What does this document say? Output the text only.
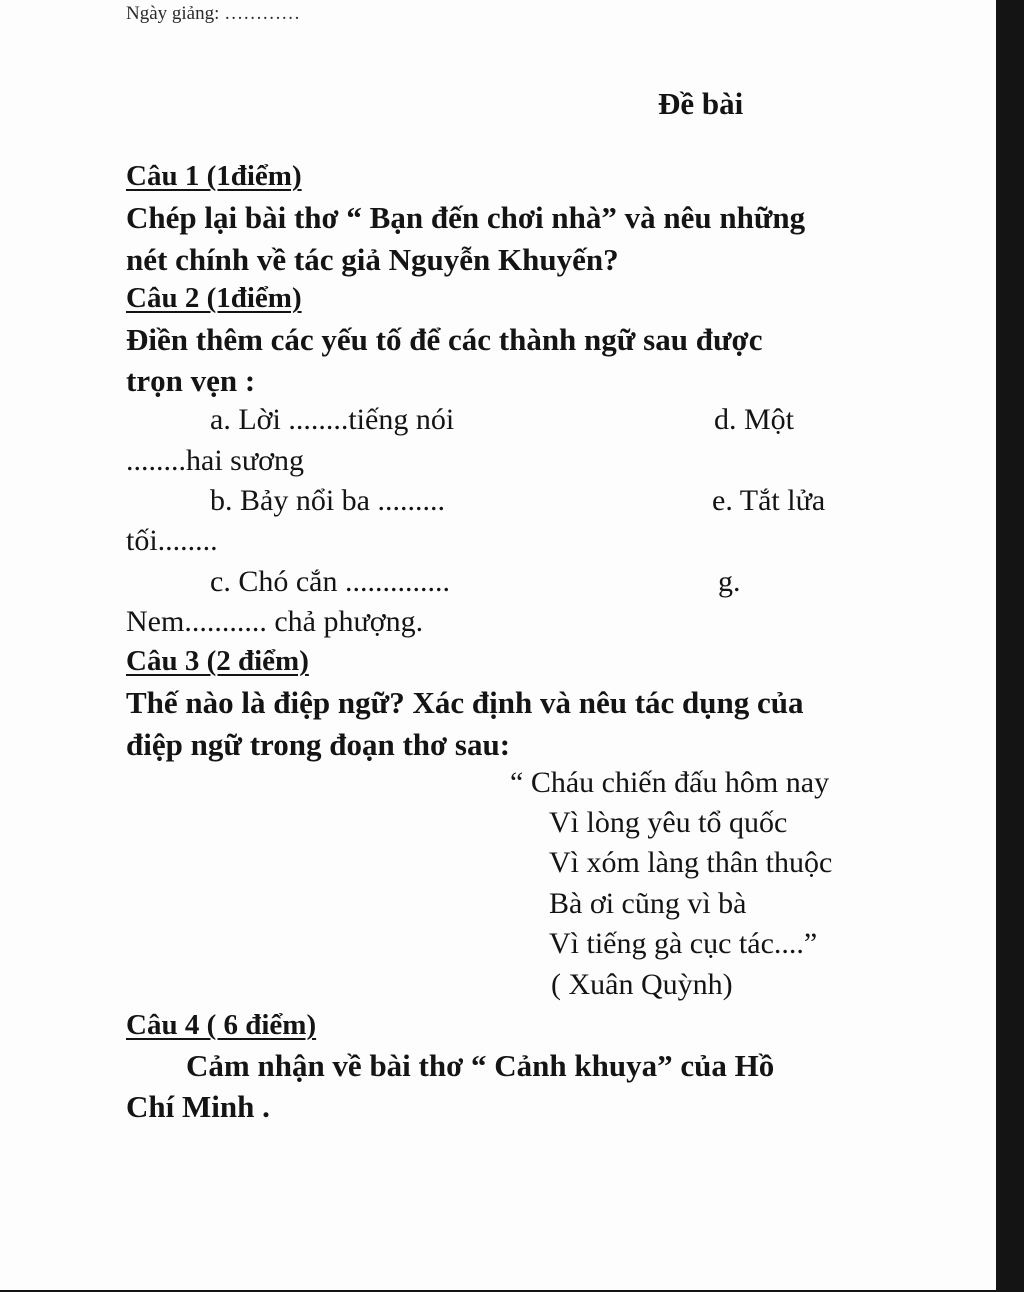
Ngày giảng: …………
Đề bài
Câu 1 (1điểm)
Chép lại bài thơ “ Bạn đến chơi nhà” và nêu những
nét chính về tác giả Nguyễn Khuyến?
Câu 2 (1điểm)
Điền thêm các yếu tố để các thành ngữ sau được
trọn vẹn :
a. Lời ........tiếng nói	d. Một
........hai sương
b. Bảy nổi ba .........	e. Tắt lửa
tối........
c. Chó cắn ..............	g.
Nem........... chả phượng.
Câu 3 (2 điểm)
Thế nào là điệp ngữ? Xác định và nêu tác dụng của
điệp ngữ trong đoạn thơ sau:
“ Cháu chiến đấu hôm nay
Vì lòng yêu tổ quốc
Vì xóm làng thân thuộc
Bà ơi cũng vì bà
Vì tiếng gà cục tác....”
( Xuân Quỳnh)
Câu 4 ( 6 điểm)
Cảm nhận về bài thơ “ Cảnh khuya” của Hồ
Chí Minh .
